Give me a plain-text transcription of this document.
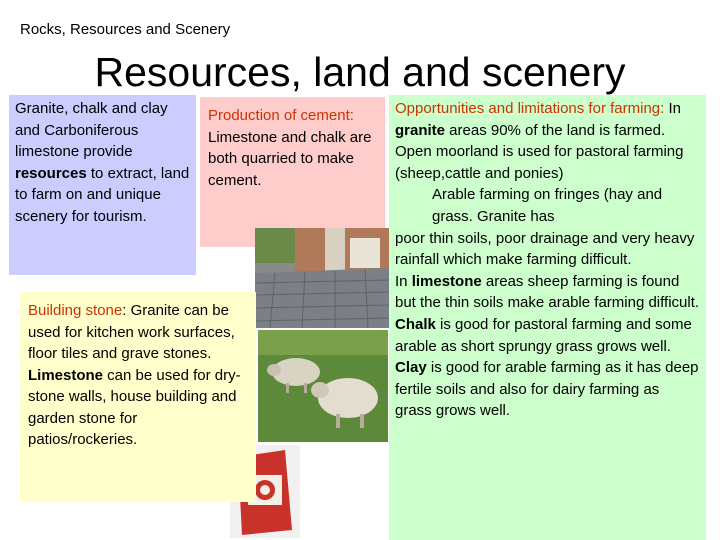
Rocks, Resources and Scenery
Resources, land and scenery
Granite, chalk and clay and Carboniferous limestone provide resources to extract, land to farm on and unique scenery for tourism.
Production of cement: Limestone and chalk are both quarried to make cement.
Building stone: Granite can be used for kitchen work surfaces, floor tiles and grave stones. Limestone can be used for dry-stone walls, house building and garden stone for patios/rockeries.
Opportunities and limitations for farming: In granite areas 90% of the land is farmed. Open moorland is used for pastoral farming (sheep,cattle and ponies)
Arable farming on fringes (hay and grass. Granite has
poor thin soils, poor drainage and very heavy rainfall which make farming difficult.
In limestone areas sheep farming is found but the thin soils make arable farming difficult.
Chalk is good for pastoral farming and some arable as short sprungy grass grows well.
Clay is good for arable farming as it has deep fertile soils and also for dairy farming as grass grows well.
